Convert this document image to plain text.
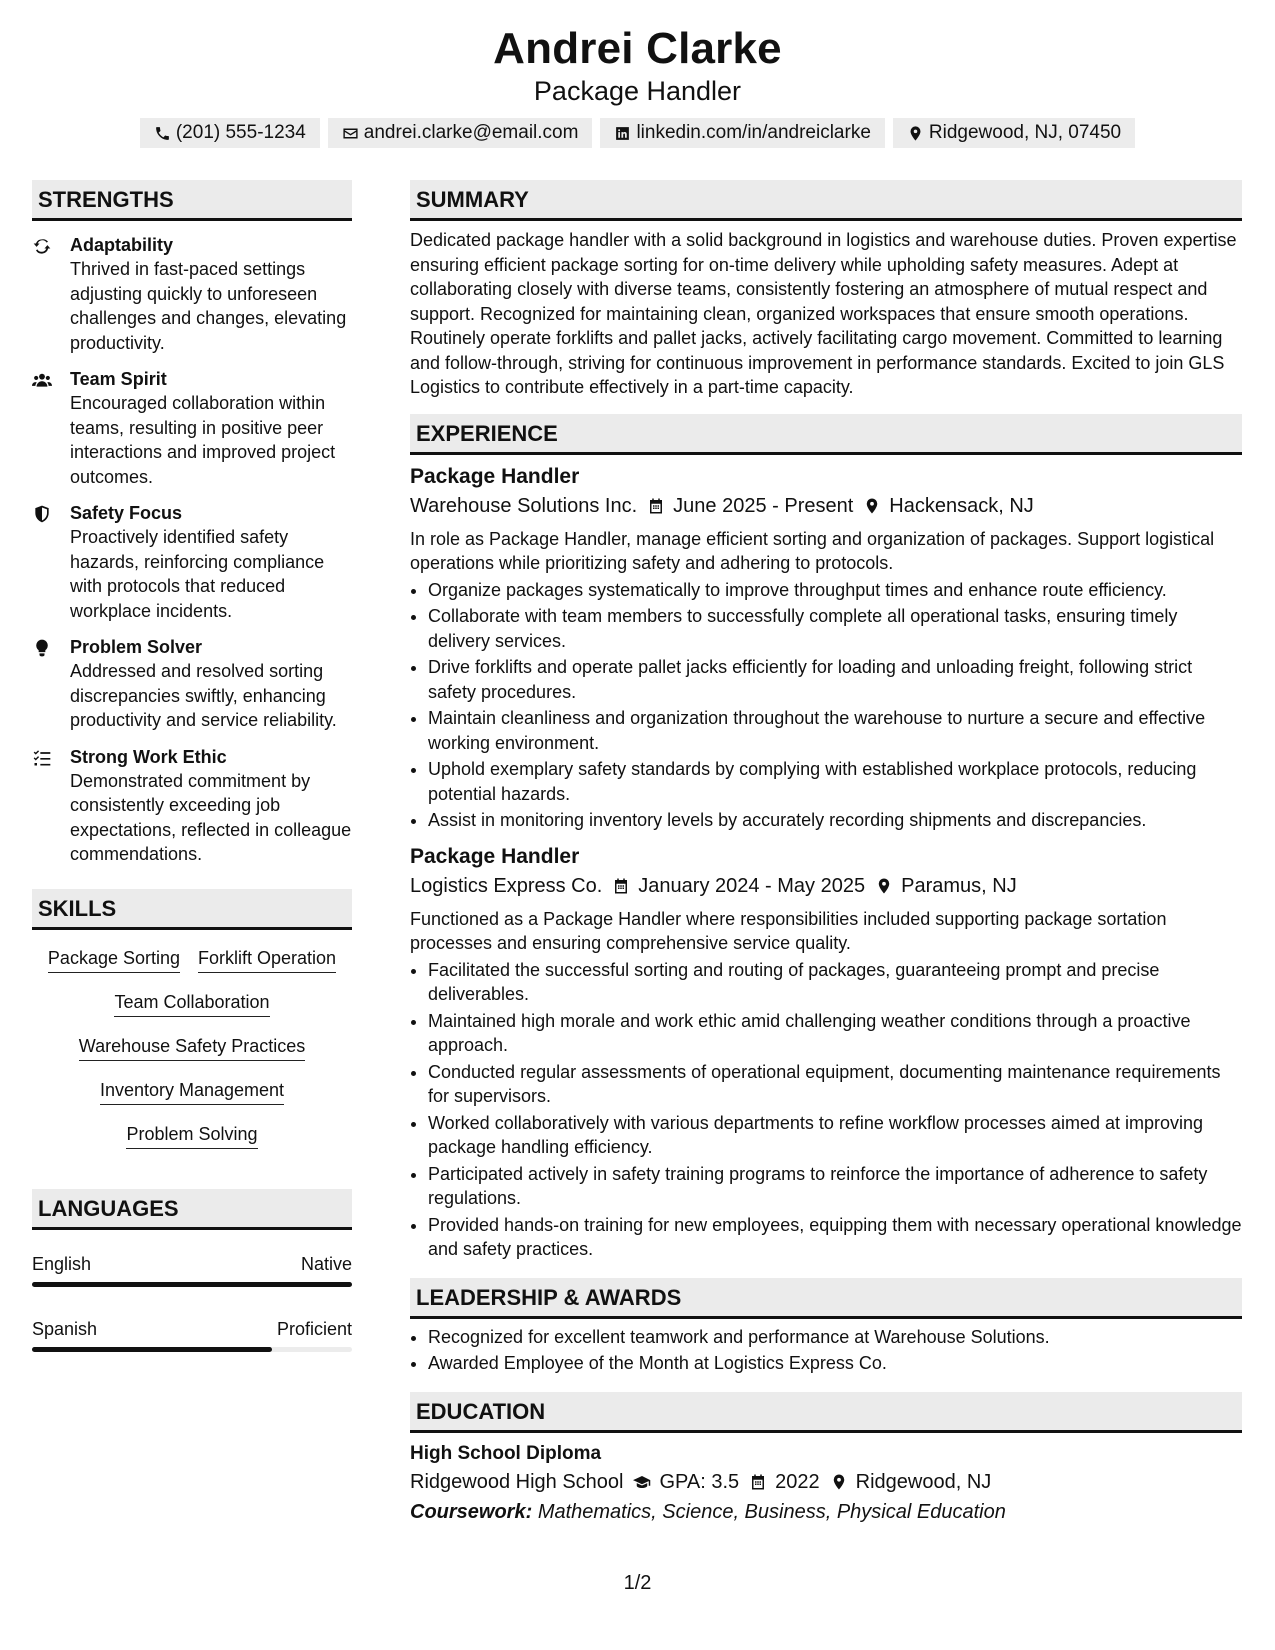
Andrei Clarke
Package Handler
(201) 555-1234	andrei.clarke@email.com	linkedin.com/in/andreiclarke	Ridgewood, NJ, 07450
STRENGTHS
Adaptability
Thrived in fast-paced settings adjusting quickly to unforeseen challenges and changes, elevating productivity.
Team Spirit
Encouraged collaboration within teams, resulting in positive peer interactions and improved project outcomes.
Safety Focus
Proactively identified safety hazards, reinforcing compliance with protocols that reduced workplace incidents.
Problem Solver
Addressed and resolved sorting discrepancies swiftly, enhancing productivity and service reliability.
Strong Work Ethic
Demonstrated commitment by consistently exceeding job expectations, reflected in colleague commendations.
SKILLS
Package Sorting Forklift Operation
Team Collaboration
Warehouse Safety Practices
Inventory Management
Problem Solving
LANGUAGES
English	Native
Spanish	Proficient
SUMMARY
Dedicated package handler with a solid background in logistics and warehouse duties. Proven expertise ensuring efficient package sorting for on-time delivery while upholding safety measures. Adept at collaborating closely with diverse teams, consistently fostering an atmosphere of mutual respect and support. Recognized for maintaining clean, organized workspaces that ensure smooth operations. Routinely operate forklifts and pallet jacks, actively facilitating cargo movement. Committed to learning and follow-through, striving for continuous improvement in performance standards. Excited to join GLS Logistics to contribute effectively in a part-time capacity.
EXPERIENCE
Package Handler
Warehouse Solutions Inc. June 2025 - Present Hackensack, NJ
In role as Package Handler, manage efficient sorting and organization of packages. Support logistical operations while prioritizing safety and adhering to protocols.
• Organize packages systematically to improve throughput times and enhance route efficiency.
• Collaborate with team members to successfully complete all operational tasks, ensuring timely delivery services.
• Drive forklifts and operate pallet jacks efficiently for loading and unloading freight, following strict safety procedures.
• Maintain cleanliness and organization throughout the warehouse to nurture a secure and effective working environment.
• Uphold exemplary safety standards by complying with established workplace protocols, reducing potential hazards.
• Assist in monitoring inventory levels by accurately recording shipments and discrepancies.
Package Handler
Logistics Express Co. January 2024 - May 2025 Paramus, NJ
Functioned as a Package Handler where responsibilities included supporting package sortation processes and ensuring comprehensive service quality.
• Facilitated the successful sorting and routing of packages, guaranteeing prompt and precise deliverables.
• Maintained high morale and work ethic amid challenging weather conditions through a proactive approach.
• Conducted regular assessments of operational equipment, documenting maintenance requirements for supervisors.
• Worked collaboratively with various departments to refine workflow processes aimed at improving package handling efficiency.
• Participated actively in safety training programs to reinforce the importance of adherence to safety regulations.
• Provided hands-on training for new employees, equipping them with necessary operational knowledge and safety practices.
LEADERSHIP & AWARDS
• Recognized for excellent teamwork and performance at Warehouse Solutions.
• Awarded Employee of the Month at Logistics Express Co.
EDUCATION
High School Diploma
Ridgewood High School GPA: 3.5 2022 Ridgewood, NJ
Coursework: Mathematics, Science, Business, Physical Education
1/2
